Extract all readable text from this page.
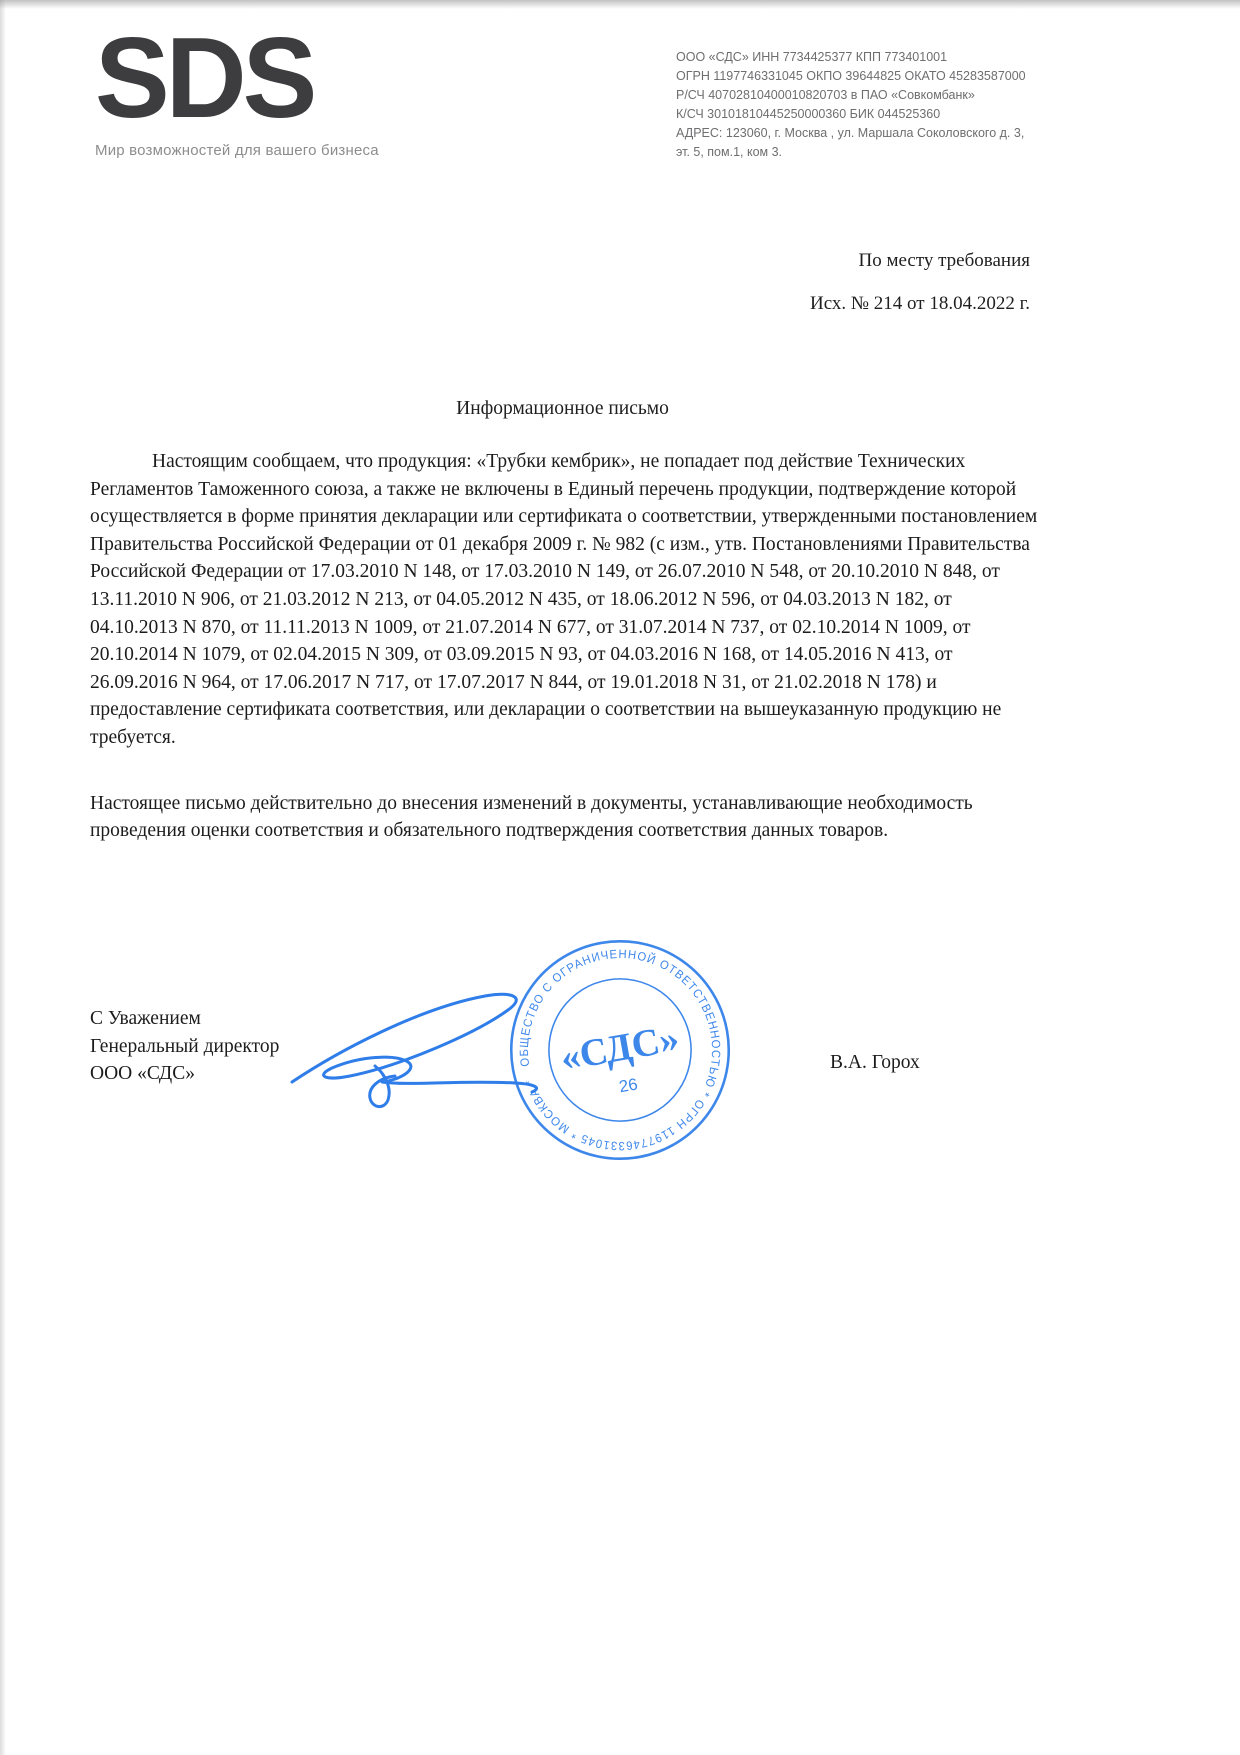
SDS
Мир возможностей для вашего бизнеса
ООО «СДС» ИНН 7734425377 КПП 773401001
ОГРН 1197746331045 ОКПО 39644825 ОКАТО 45283587000
Р/СЧ 40702810400010820703 в ПАО «Совкомбанк»
К/СЧ 30101810445250000360 БИК 044525360
АДРЕС: 123060, г. Москва , ул. Маршала Соколовского д. 3,
эт. 5, пом.1, ком 3.
По месту требования
Исх. № 214 от 18.04.2022 г.
Информационное письмо

Настоящим сообщаем, что продукция: «Трубки кембрик», не попадает под действие Технических Регламентов Таможенного союза, а также не включены в Единый перечень продукции, подтверждение которой осуществляется в форме принятия декларации или сертификата о соответствии, утвержденными постановлением Правительства Российской Федерации от 01 декабря 2009 г. № 982 (с изм., утв. Постановлениями Правительства Российской Федерации от 17.03.2010 N 148, от 17.03.2010 N 149, от 26.07.2010 N 548, от 20.10.2010 N 848, от 13.11.2010 N 906, от 21.03.2012 N 213, от 04.05.2012 N 435, от 18.06.2012 N 596, от 04.03.2013 N 182, от 04.10.2013 N 870, от 11.11.2013 N 1009, от 21.07.2014 N 677, от 31.07.2014 N 737, от 02.10.2014 N 1009, от 20.10.2014 N 1079, от 02.04.2015 N 309, от 03.09.2015 N 93, от 04.03.2016 N 168, от 14.05.2016 N 413, от 26.09.2016 N 964, от 17.06.2017 N 717, от 17.07.2017 N 844, от 19.01.2018 N 31, от 21.02.2018 N 178) и предоставление сертификата соответствия, или декларации о соответствии на вышеуказанную продукцию не требуется.

Настоящее письмо действительно до внесения изменений в документы, устанавливающие необходимость проведения оценки соответствия и обязательного подтверждения соответствия данных товаров.

С Уважением
Генеральный директор
ООО «СДС»
В.А. Горох
ОБЩЕСТВО С ОГРАНИЧЕННОЙ ОТВЕТСТВЕННОСТЬЮ * ОГРН 1197746331045 * МОСКВА *
«СДС»
26
